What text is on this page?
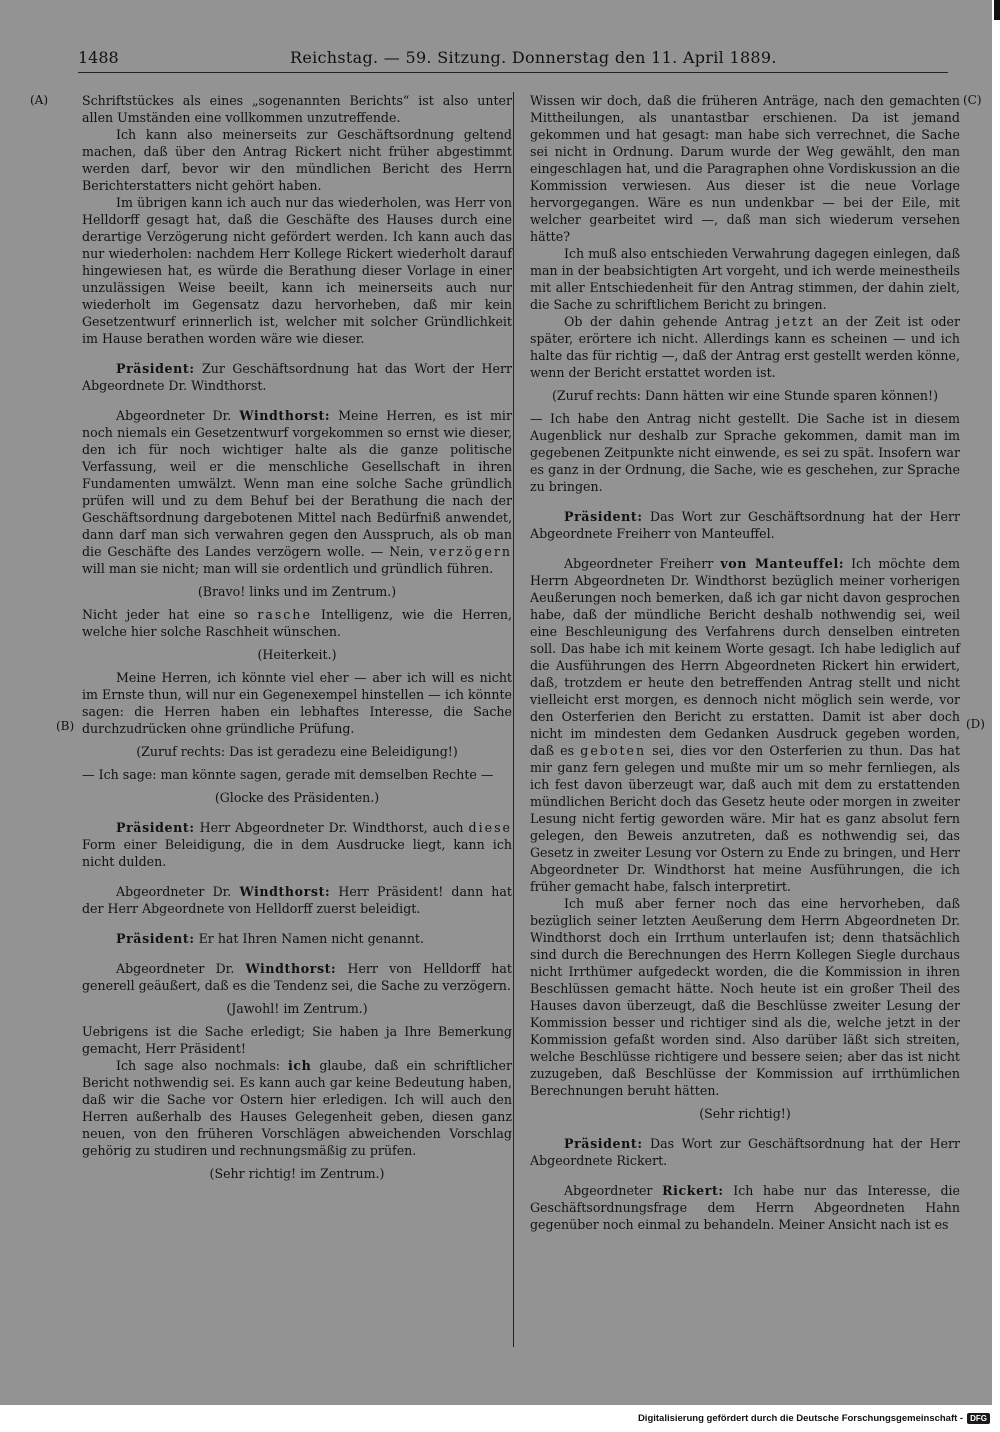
1488	Reichstag. — 59. Sitzung. Donnerstag den 11. April 1889.
(A)
(B)
(C)
(D)

Schriftstückes als eines „sogenannten Berichts“ ist also unter allen Umständen eine vollkommen unzutreffende.

Ich kann also meinerseits zur Geschäftsordnung geltend machen, daß über den Antrag Rickert nicht früher abgestimmt werden darf, bevor wir den mündlichen Bericht des Herrn Berichterstatters nicht gehört haben.

Im übrigen kann ich auch nur das wiederholen, was Herr von Helldorff gesagt hat, daß die Geschäfte des Hauses durch eine derartige Verzögerung nicht gefördert werden. Ich kann auch das nur wiederholen: nachdem Herr Kollege Rickert wiederholt darauf hingewiesen hat, es würde die Berathung dieser Vorlage in einer unzulässigen Weise beeilt, kann ich meinerseits auch nur wiederholt im Gegensatz dazu hervorheben, daß mir kein Gesetzentwurf erinnerlich ist, welcher mit solcher Gründlichkeit im Hause berathen worden wäre wie dieser.

Präsident: Zur Geschäftsordnung hat das Wort der Herr Abgeordnete Dr. Windthorst.

Abgeordneter Dr. Windthorst: Meine Herren, es ist mir noch niemals ein Gesetzentwurf vorgekommen so ernst wie dieser, den ich für noch wichtiger halte als die ganze politische Verfassung, weil er die menschliche Gesellschaft in ihren Fundamenten umwälzt. Wenn man eine solche Sache gründlich prüfen will und zu dem Behuf bei der Berathung die nach der Geschäftsordnung dargebotenen Mittel nach Bedürfniß anwendet, dann darf man sich verwahren gegen den Ausspruch, als ob man die Geschäfte des Landes verzögern wolle. — Nein, verzögern will man sie nicht; man will sie ordentlich und gründlich führen.

(Bravo! links und im Zentrum.)

Nicht jeder hat eine so rasche Intelligenz, wie die Herren, welche hier solche Raschheit wünschen.

(Heiterkeit.)

Meine Herren, ich könnte viel eher — aber ich will es nicht im Ernste thun, will nur ein Gegenexempel hinstellen — ich könnte sagen: die Herren haben ein lebhaftes Interesse, die Sache durchzudrücken ohne gründliche Prüfung.

(Zuruf rechts: Das ist geradezu eine Beleidigung!)

— Ich sage: man könnte sagen, gerade mit demselben Rechte —

(Glocke des Präsidenten.)

Präsident: Herr Abgeordneter Dr. Windthorst, auch diese Form einer Beleidigung, die in dem Ausdrucke liegt, kann ich nicht dulden.

Abgeordneter Dr. Windthorst: Herr Präsident! dann hat der Herr Abgeordnete von Helldorff zuerst beleidigt.

Präsident: Er hat Ihren Namen nicht genannt.

Abgeordneter Dr. Windthorst: Herr von Helldorff hat generell geäußert, daß es die Tendenz sei, die Sache zu verzögern.

(Jawohl! im Zentrum.)

Uebrigens ist die Sache erledigt; Sie haben ja Ihre Bemerkung gemacht, Herr Präsident!

Ich sage also nochmals: ich glaube, daß ein schriftlicher Bericht nothwendig sei. Es kann auch gar keine Bedeutung haben, daß wir die Sache vor Ostern hier erledigen. Ich will auch den Herren außerhalb des Hauses Gelegenheit geben, diesen ganz neuen, von den früheren Vorschlägen abweichenden Vorschlag gehörig zu studiren und rechnungsmäßig zu prüfen.

(Sehr richtig! im Zentrum.)

Wissen wir doch, daß die früheren Anträge, nach den gemachten Mittheilungen, als unantastbar erschienen. Da ist jemand gekommen und hat gesagt: man habe sich verrechnet, die Sache sei nicht in Ordnung. Darum wurde der Weg gewählt, den man eingeschlagen hat, und die Paragraphen ohne Vordiskussion an die Kommission verwiesen. Aus dieser ist die neue Vorlage hervorgegangen. Wäre es nun undenkbar — bei der Eile, mit welcher gearbeitet wird —, daß man sich wiederum versehen hätte?

Ich muß also entschieden Verwahrung dagegen einlegen, daß man in der beabsichtigten Art vorgeht, und ich werde meinestheils mit aller Entschiedenheit für den Antrag stimmen, der dahin zielt, die Sache zu schriftlichem Bericht zu bringen.

Ob der dahin gehende Antrag jetzt an der Zeit ist oder später, erörtere ich nicht. Allerdings kann es scheinen — und ich halte das für richtig —, daß der Antrag erst gestellt werden könne, wenn der Bericht erstattet worden ist.

(Zuruf rechts: Dann hätten wir eine Stunde sparen können!)

— Ich habe den Antrag nicht gestellt. Die Sache ist in diesem Augenblick nur deshalb zur Sprache gekommen, damit man im gegebenen Zeitpunkte nicht einwende, es sei zu spät. Insofern war es ganz in der Ordnung, die Sache, wie es geschehen, zur Sprache zu bringen.

Präsident: Das Wort zur Geschäftsordnung hat der Herr Abgeordnete Freiherr von Manteuffel.

Abgeordneter Freiherr von Manteuffel: Ich möchte dem Herrn Abgeordneten Dr. Windthorst bezüglich meiner vorherigen Aeußerungen noch bemerken, daß ich gar nicht davon gesprochen habe, daß der mündliche Bericht deshalb nothwendig sei, weil eine Beschleunigung des Verfahrens durch denselben eintreten soll. Das habe ich mit keinem Worte gesagt. Ich habe lediglich auf die Ausführungen des Herrn Abgeordneten Rickert hin erwidert, daß, trotzdem er heute den betreffenden Antrag stellt und nicht vielleicht erst morgen, es dennoch nicht möglich sein werde, vor den Osterferien den Bericht zu erstatten. Damit ist aber doch nicht im mindesten dem Gedanken Ausdruck gegeben worden, daß es geboten sei, dies vor den Osterferien zu thun. Das hat mir ganz fern gelegen und mußte mir um so mehr fernliegen, als ich fest davon überzeugt war, daß auch mit dem zu erstattenden mündlichen Bericht doch das Gesetz heute oder morgen in zweiter Lesung nicht fertig geworden wäre. Mir hat es ganz absolut fern gelegen, den Beweis anzutreten, daß es nothwendig sei, das Gesetz in zweiter Lesung vor Ostern zu Ende zu bringen, und Herr Abgeordneter Dr. Windthorst hat meine Ausführungen, die ich früher gemacht habe, falsch interpretirt.

Ich muß aber ferner noch das eine hervorheben, daß bezüglich seiner letzten Aeußerung dem Herrn Abgeordneten Dr. Windthorst doch ein Irrthum unterlaufen ist; denn thatsächlich sind durch die Berechnungen des Herrn Kollegen Siegle durchaus nicht Irrthümer aufgedeckt worden, die die Kommission in ihren Beschlüssen gemacht hätte. Noch heute ist ein großer Theil des Hauses davon überzeugt, daß die Beschlüsse zweiter Lesung der Kommission besser und richtiger sind als die, welche jetzt in der Kommission gefaßt worden sind. Also darüber läßt sich streiten, welche Beschlüsse richtigere und bessere seien; aber das ist nicht zuzugeben, daß Beschlüsse der Kommission auf irrthümlichen Berechnungen beruht hätten.

(Sehr richtig!)

Präsident: Das Wort zur Geschäftsordnung hat der Herr Abgeordnete Rickert.

Abgeordneter Rickert: Ich habe nur das Interesse, die Geschäftsordnungsfrage dem Herrn Abgeordneten Hahn gegenüber noch einmal zu behandeln. Meiner Ansicht nach ist es

Digitalisierung gefördert durch die Deutsche Forschungsgemeinschaft - DFG
